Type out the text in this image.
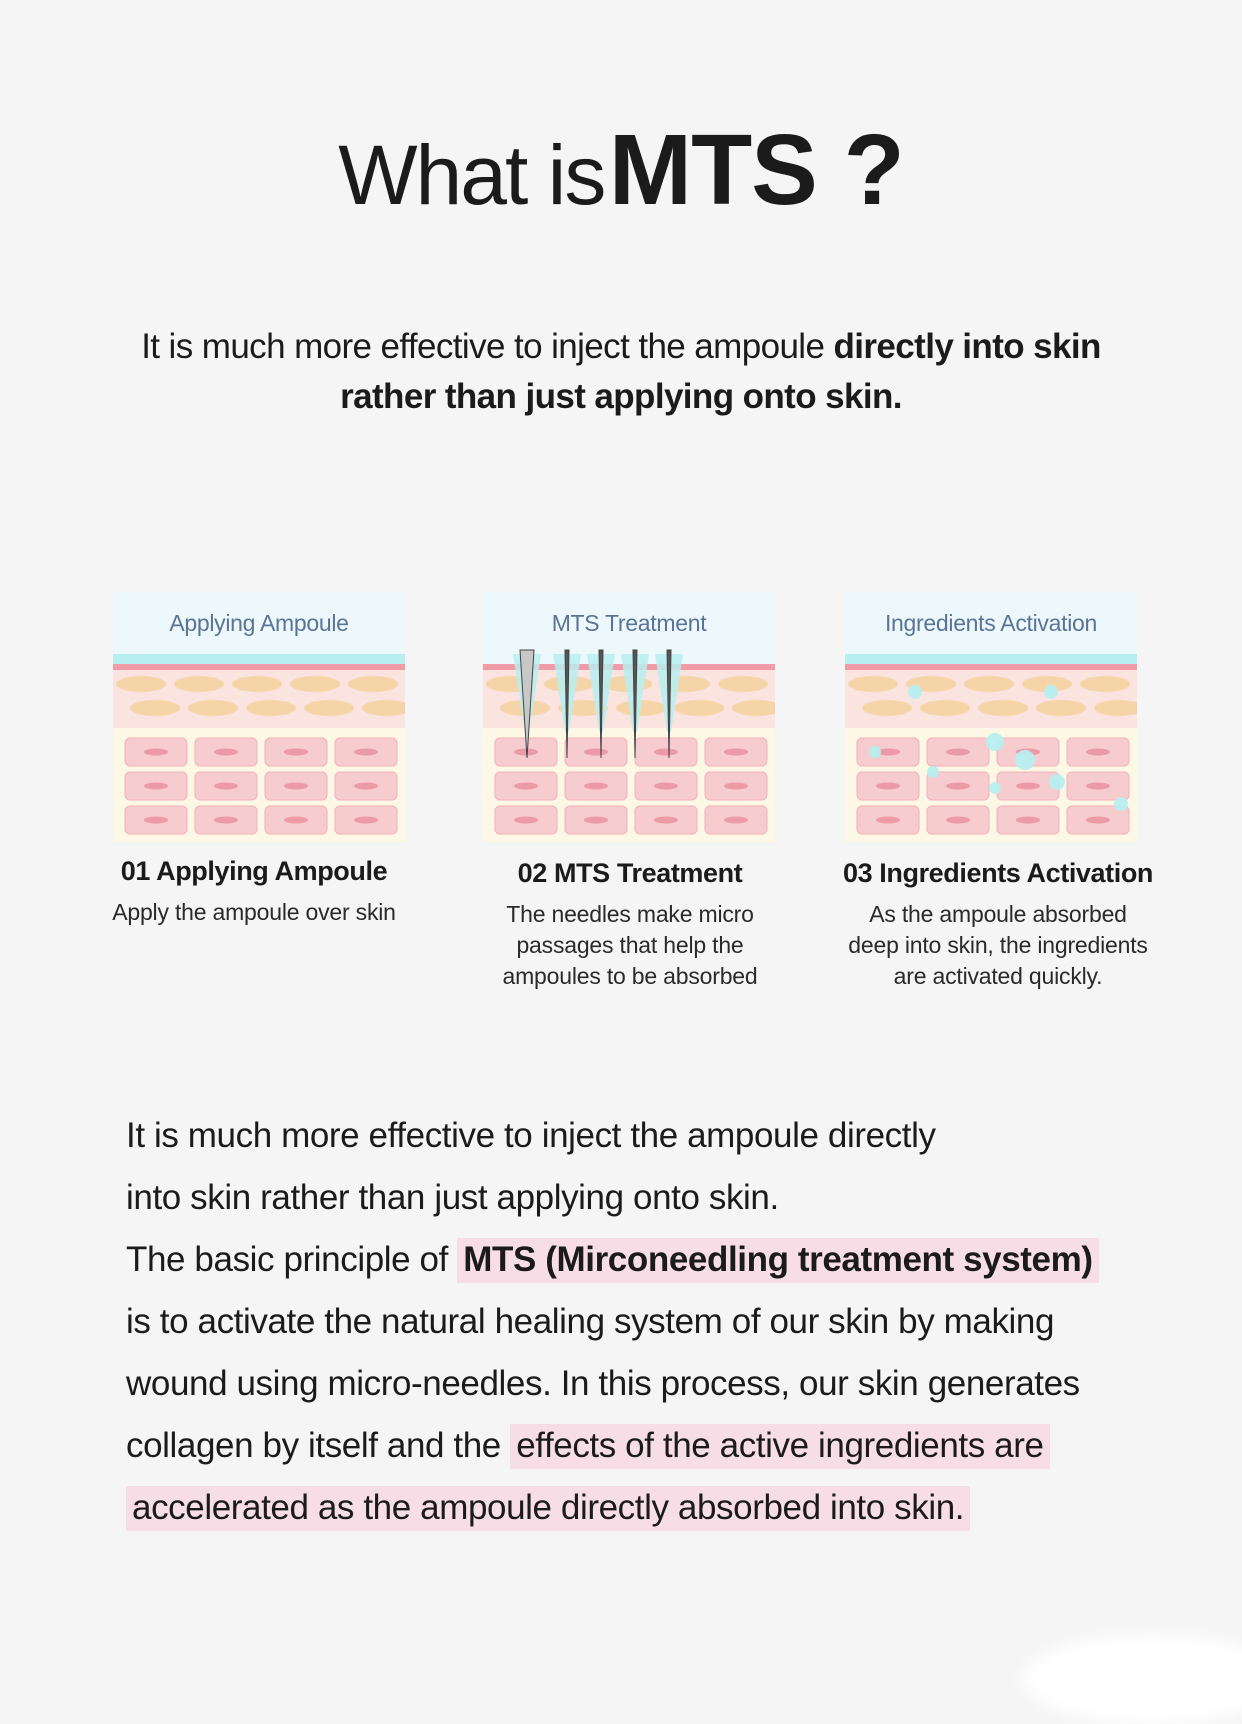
What is MTS ?
It is much more effective to inject the ampoule directly into skin
rather than just applying onto skin.
Applying Ampoule	MTS Treatment	Ingredients Activation
01 Applying Ampoule
Apply the ampoule over skin
02 MTS Treatment
The needles make micro
passages that help the
ampoules to be absorbed
03 Ingredients Activation
As the ampoule absorbed
deep into skin, the ingredients
are activated quickly.
It is much more effective to inject the ampoule directly
into skin rather than just applying onto skin.
The basic principle of MTS (Mirconeedling treatment system)
is to activate the natural healing system of our skin by making
wound using micro-needles. In this process, our skin generates
collagen by itself and the effects of the active ingredients are
accelerated as the ampoule directly absorbed into skin.
